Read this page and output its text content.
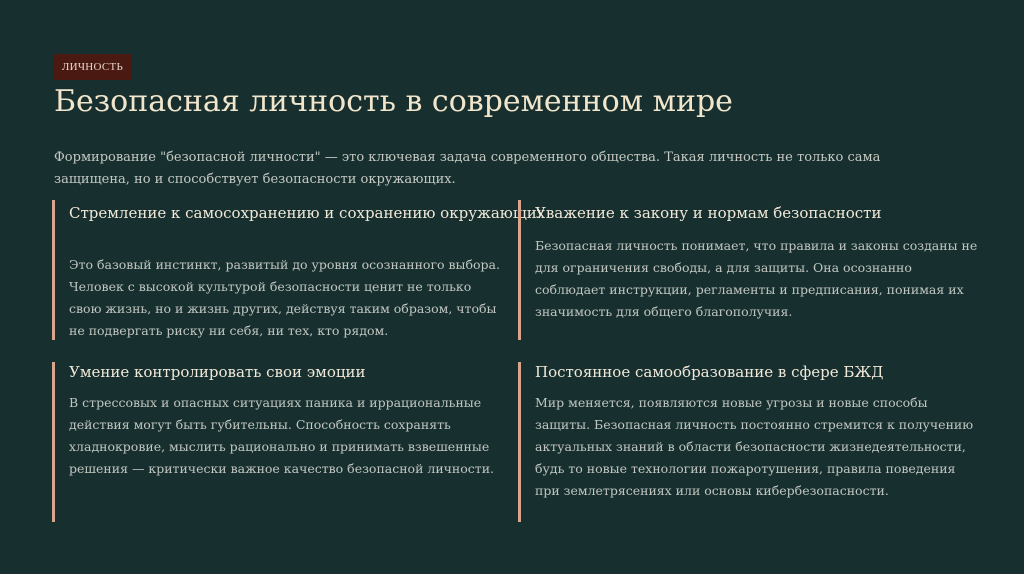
ЛИЧНОСТЬ
Безопасная личность в современном мире
Формирование "безопасной личности" — это ключевая задача современного общества. Такая личность не только сама защищена, но и способствует безопасности окружающих.
Стремление к самосохранению и сохранению окружающих

Это базовый инстинкт, развитый до уровня осознанного выбора. Человек с высокой культурой безопасности ценит не только свою жизнь, но и жизнь других, действуя таким образом, чтобы не подвергать риску ни себя, ни тех, кто рядом.

Уважение к закону и нормам безопасности

Безопасная личность понимает, что правила и законы созданы не для ограничения свободы, а для защиты. Она осознанно соблюдает инструкции, регламенты и предписания, понимая их значимость для общего благополучия.

Умение контролировать свои эмоции

В стрессовых и опасных ситуациях паника и иррациональные действия могут быть губительны. Способность сохранять хладнокровие, мыслить рационально и принимать взвешенные решения — критически важное качество безопасной личности.

Постоянное самообразование в сфере БЖД

Мир меняется, появляются новые угрозы и новые способы защиты. Безопасная личность постоянно стремится к получению актуальных знаний в области безопасности жизнедеятельности, будь то новые технологии пожаротушения, правила поведения при землетрясениях или основы кибербезопасности.
